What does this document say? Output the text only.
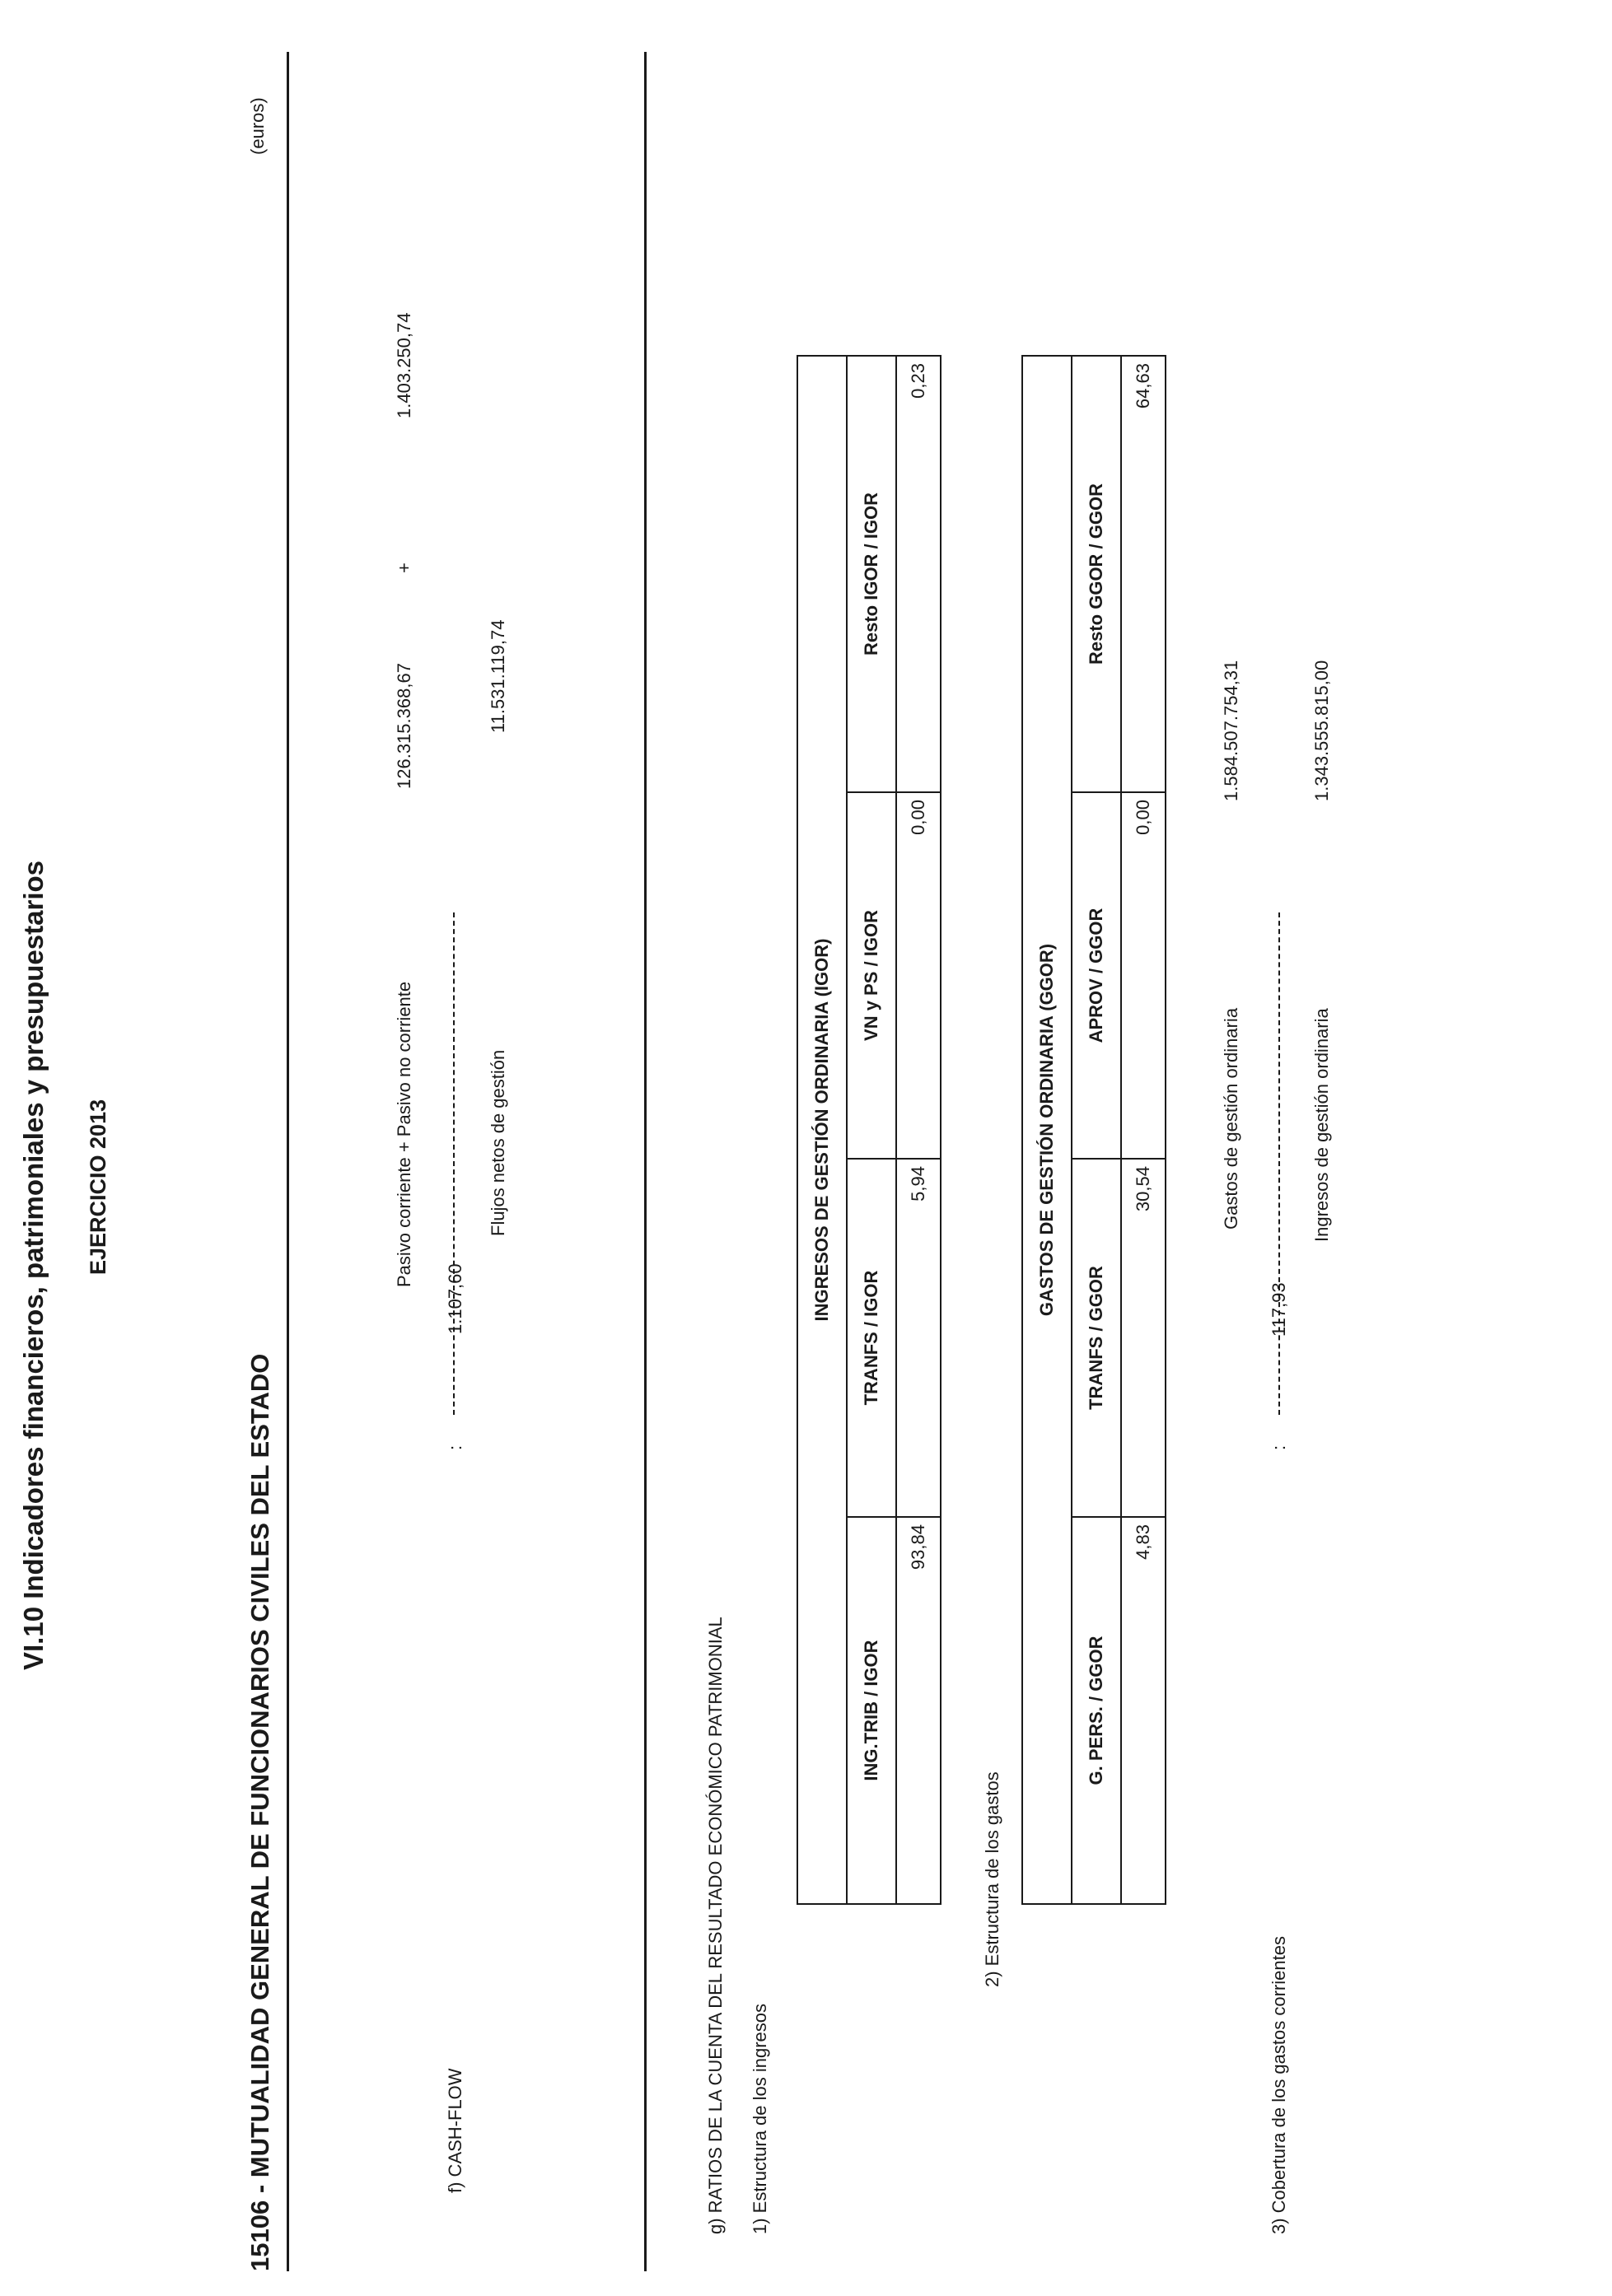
VI.10 Indicadores financieros, patrimoniales y presupuestarios EJERCICIO 2013
15106 - MUTUALIDAD GENERAL DE FUNCIONARIOS CIVILES DEL ESTADO
(euros)
f) CASH-FLOW
1.107,60
:
Pasivo corriente + Pasivo no corriente
126.315.368,67
+
1.403.250,74
Flujos netos de gestión
11.531.119,74
g) RATIOS DE LA CUENTA DEL RESULTADO ECONÓMICO PATRIMONIAL 1) Estructura de los ingresos
INGRESOS DE GESTIÓN ORDINARIA (IGOR)			
ING.TRIB / IGOR	TRANFS / IGOR	VN y PS / IGOR	Resto IGOR / IGOR
93,84	5,94	0,00	0,23
2) Estructura de los gastos
GASTOS DE GESTIÓN ORDINARIA (GGOR)			
G. PERS. / GGOR	TRANFS / GGOR	APROV / GGOR	Resto GGOR / GGOR
4,83	30,54	0,00	64,63
3) Cobertura de los gastos corrientes
117,93
:
Gastos de gestión ordinaria
1.584.507.754,31
Ingresos de gestión ordinaria
1.343.555.815,00
